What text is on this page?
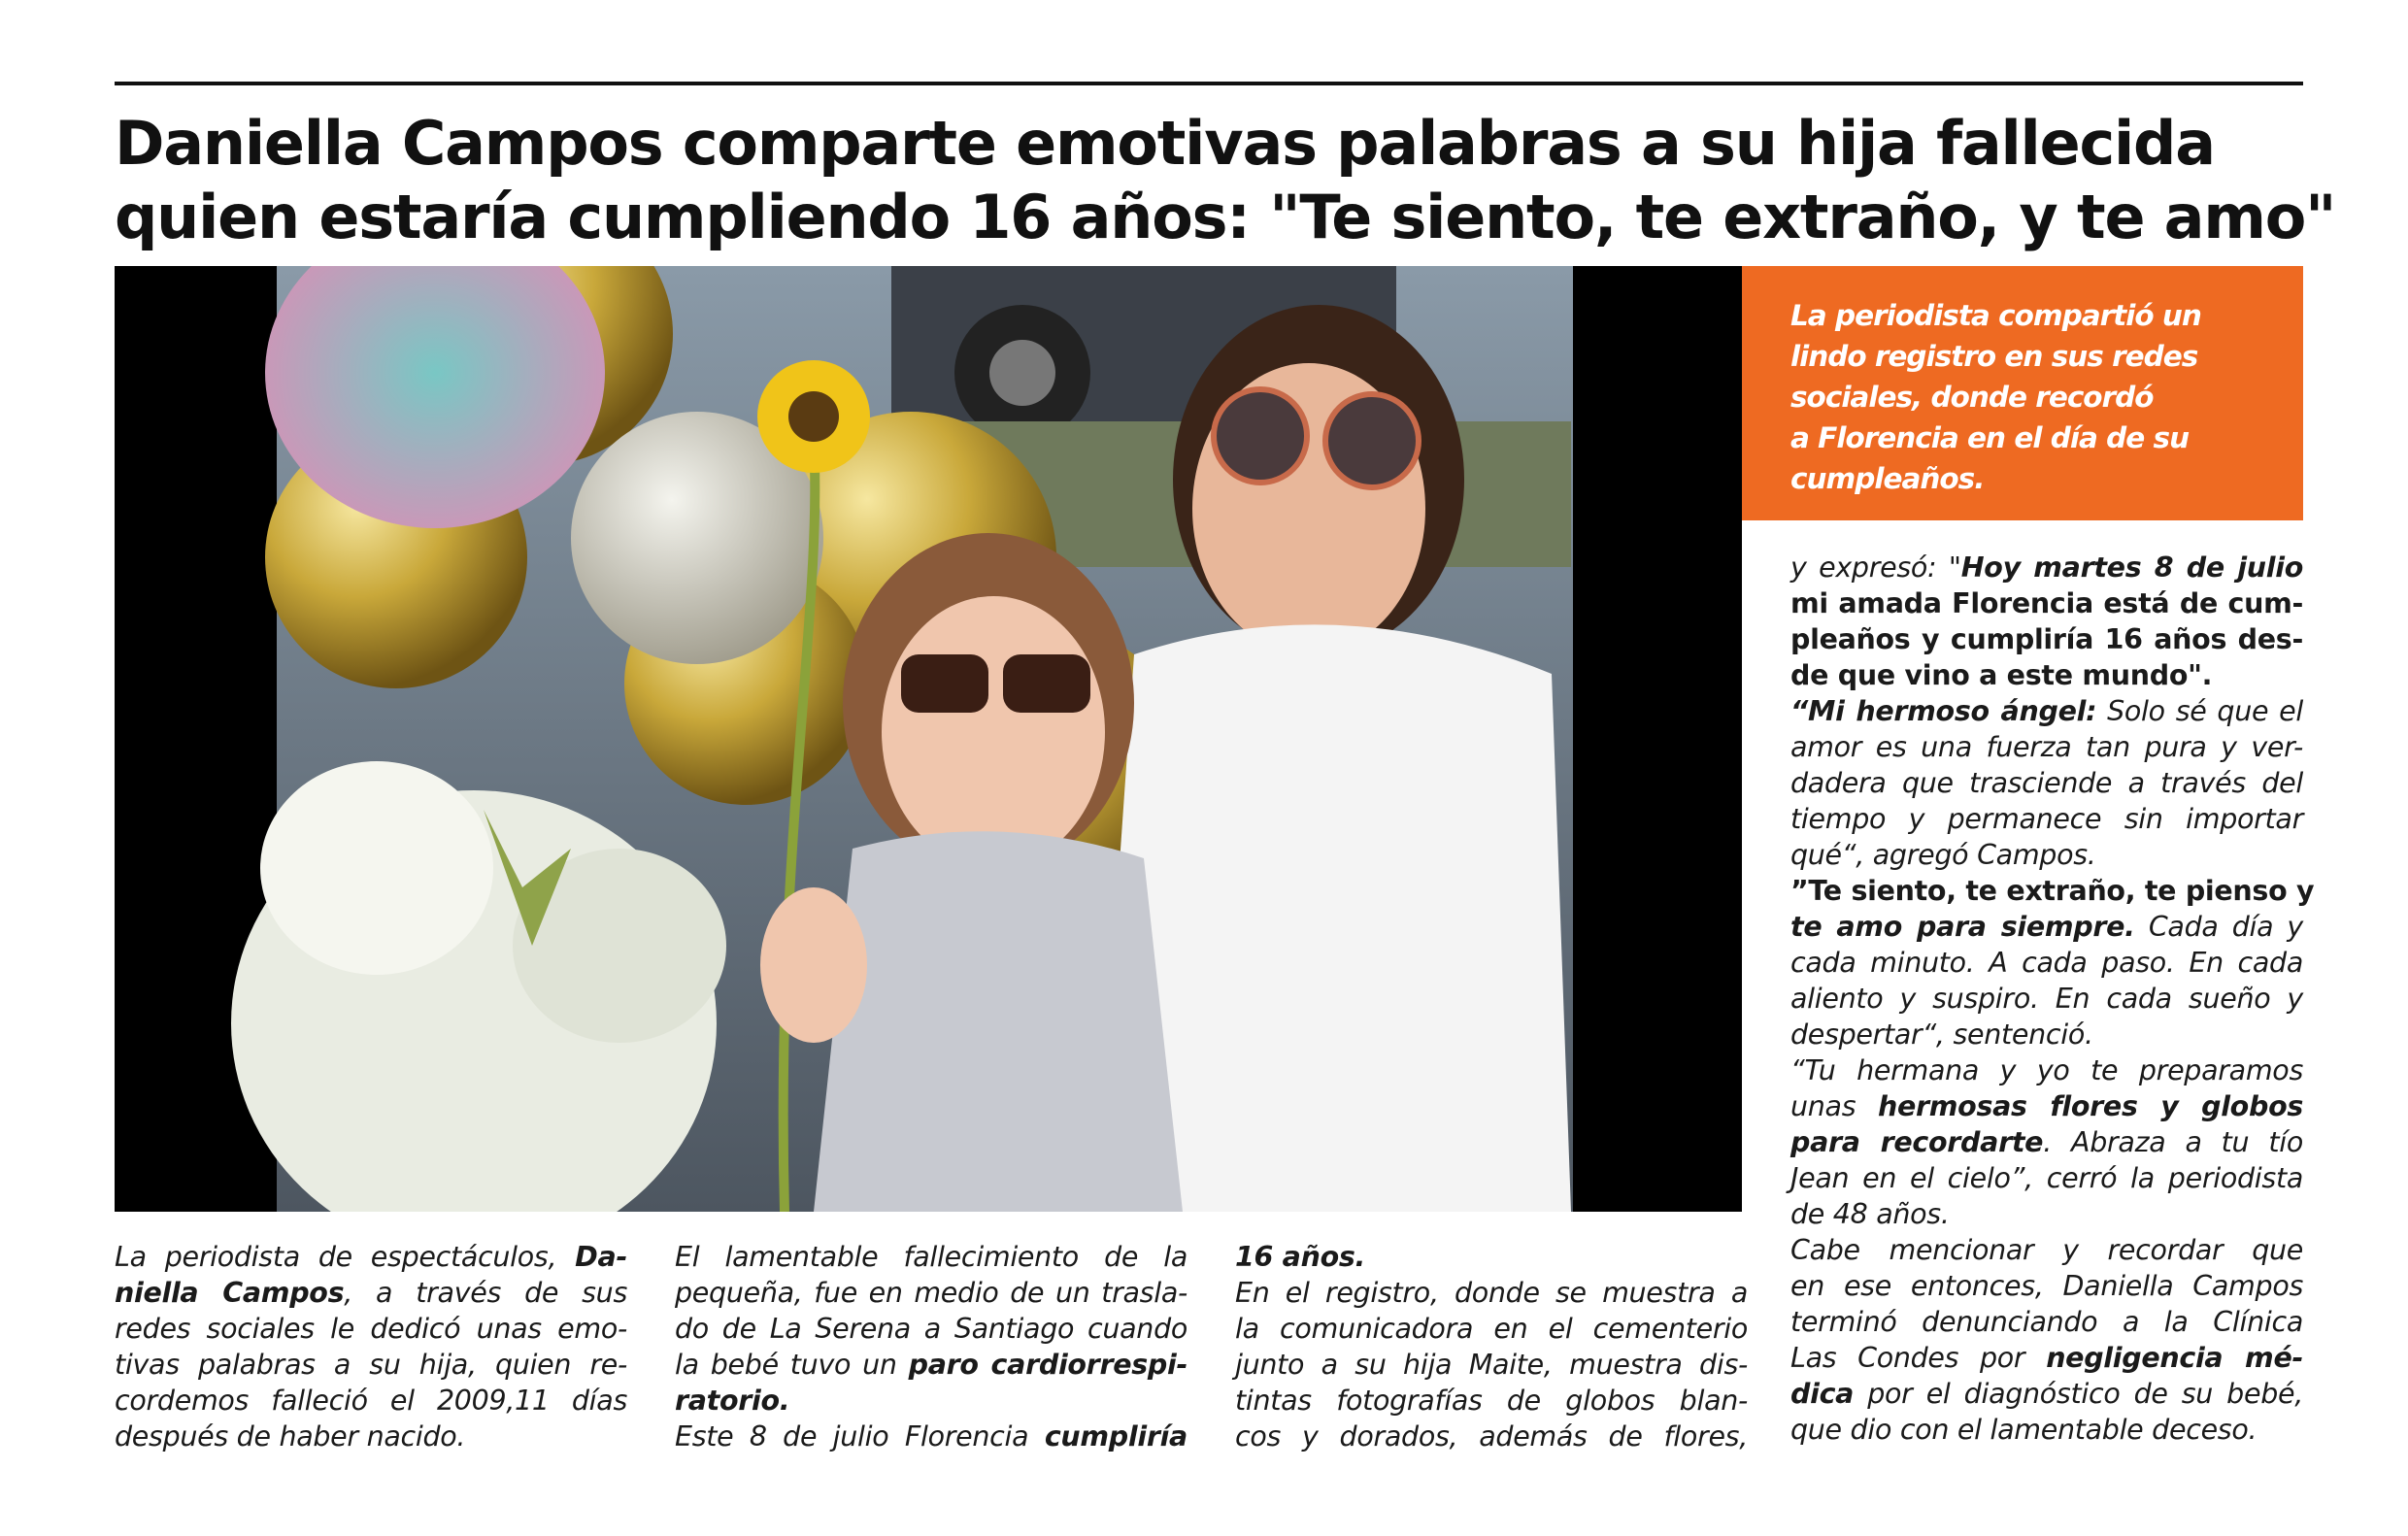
Daniella Campos comparte emotivas palabras a su hija fallecida
quien estaría cumpliendo 16 años: "Te siento, te extraño, y te amo"
La periodista compartió un
lindo registro en sus redes
sociales, donde recordó
a Florencia en el día de su
cumpleaños.
La periodista de espectáculos, Da-
niella Campos, a través de sus
redes sociales le dedicó unas emo-
tivas palabras a su hija, quien re-
cordemos falleció el 2009,11 días
después de haber nacido.
El lamentable fallecimiento de la
pequeña, fue en medio de un trasla-
do de La Serena a Santiago cuando
la bebé tuvo un paro cardiorrespi-
ratorio.
Este 8 de julio Florencia cumpliría
16 años.
En el registro, donde se muestra a
la comunicadora en el cementerio
junto a su hija Maite, muestra dis-
tintas fotografías de globos blan-
cos y dorados, además de flores,
y expresó: "Hoy martes 8 de julio
mi amada Florencia está de cum-
pleaños y cumpliría 16 años des-
de que vino a este mundo".
“Mi hermoso ángel: Solo sé que el
amor es una fuerza tan pura y ver-
dadera que trasciende a través del
tiempo y permanece sin importar
qué“, agregó Campos.
”Te siento, te extraño, te pienso y
te amo para siempre. Cada día y
cada minuto. A cada paso. En cada
aliento y suspiro. En cada sueño y
despertar“, sentenció.
“Tu hermana y yo te preparamos
unas hermosas flores y globos
para recordarte. Abraza a tu tío
Jean en el cielo”, cerró la periodista
de 48 años.
Cabe mencionar y recordar que
en ese entonces, Daniella Campos
terminó denunciando a la Clínica
Las Condes por negligencia mé-
dica por el diagnóstico de su bebé,
que dio con el lamentable deceso.
